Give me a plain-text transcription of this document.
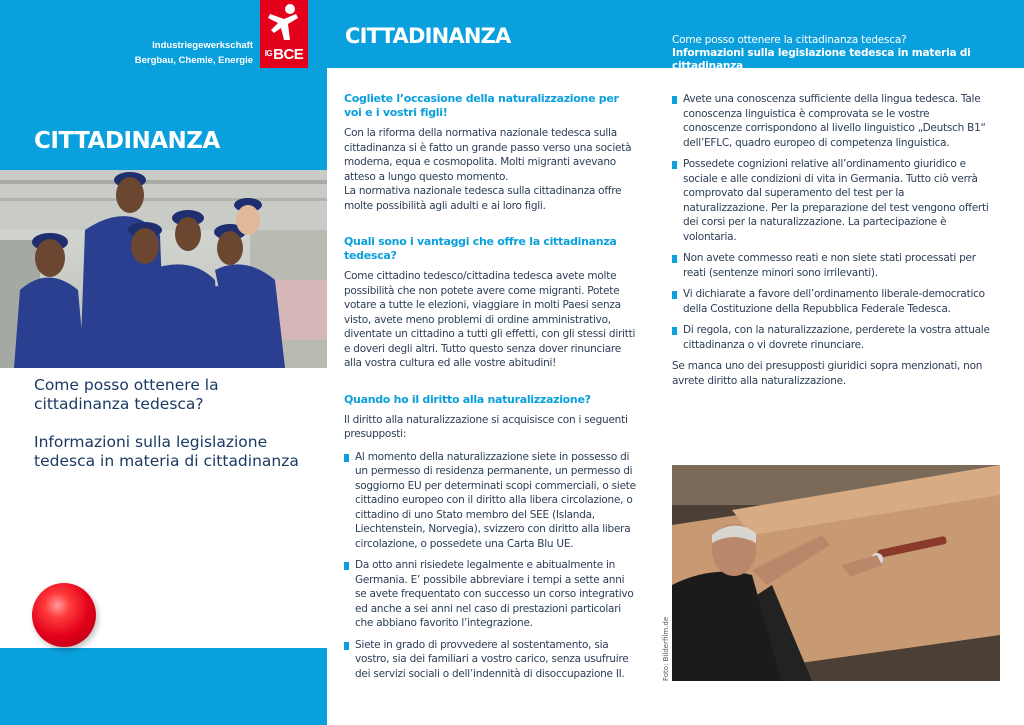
Industriegewerkschaft
Bergbau, Chemie, Energie
$^{IG}$BCE
CITTADINANZA
Come posso ottenere la cittadinanza tedesca?
Informazioni sulla legislazione tedesca in materia di cittadinanza
CITTADINANZA	Come posso ottenere la cittadinanza tedesca?
Informazioni sulla legislazione tedesca in materia di cittadinanza
Cogliete l’occasione della naturalizzazione per voi e i vostri figli!

Con la riforma della normativa nazionale tedesca sulla cittadinanza si è fatto un grande passo verso una società moderna, equa e cosmopolita. Molti migranti avevano atteso a lungo questo momento.

La normativa nazionale tedesca sulla cittadinanza offre molte possibilità agli adulti e ai loro figli.

Quali sono i vantaggi che offre la cittadinanza tedesca?

Come cittadino tedesco/cittadina tedesca avete molte possibilità che non potete avere come migranti. Potete votare a tutte le elezioni, viaggiare in molti Paesi senza visto, avete meno problemi di ordine amministrativo, diventate un cittadino a tutti gli effetti, con gli stessi diritti e doveri degli altri. Tutto questo senza dover rinunciare alla vostra cultura ed alle vostre abitudini!

Quando ho il diritto alla naturalizzazione?

Il diritto alla naturalizzazione si acquisisce con i seguenti presupposti:

Al momento della naturalizzazione siete in possesso di un permesso di residenza permanente, un permesso di soggiorno EU per determinati scopi commerciali, o siete cittadino europeo con il diritto alla libera circolazione, o cittadino di uno Stato membro del SEE (Islanda, Liechtenstein, Norvegia), svizzero con diritto alla libera circolazione, o possedete una Carta Blu UE.
Da otto anni risiedete legalmente e abitualmente in Germania. E’ possibile abbreviare i tempi a sette anni se avete frequentato con successo un corso integrativo ed anche a sei anni nel caso di prestazioni particolari che abbiano favorito l’integrazione.
Siete in grado di provvedere al sostentamento, sia vostro, sia dei familiari a vostro carico, senza usufruire dei servizi sociali o dell’indennità di disoccupazione II.
Avete una conoscenza sufficiente della lingua tedesca. Tale conoscenza linguistica è comprovata se le vostre conoscenze corrispondono al livello linguistico „Deutsch B1“ dell’EFLC, quadro europeo di competenza linguistica.
Possedete cognizioni relative all’ordinamento giuridico e sociale e alle condizioni di vita in Germania. Tutto ciò verrà comprovato dal superamento del test per la naturalizzazione. Per la preparazione del test vengono offerti dei corsi per la naturalizzazione. La partecipazione è volontaria.
Non avete commesso reati e non siete stati processati per reati (sentenze minori sono irrilevanti).
Vi dichiarate a favore dell’ordinamento liberale-democratico della Costituzione della Repubblica Federale Tedesca.
Di regola, con la naturalizzazione, perderete la vostra attuale cittadinanza o vi dovrete rinunciare.

Se manca uno dei presupposti giuridici sopra menzionati, non avrete diritto alla naturalizzazione.

Foto: Bilderfilm.de
